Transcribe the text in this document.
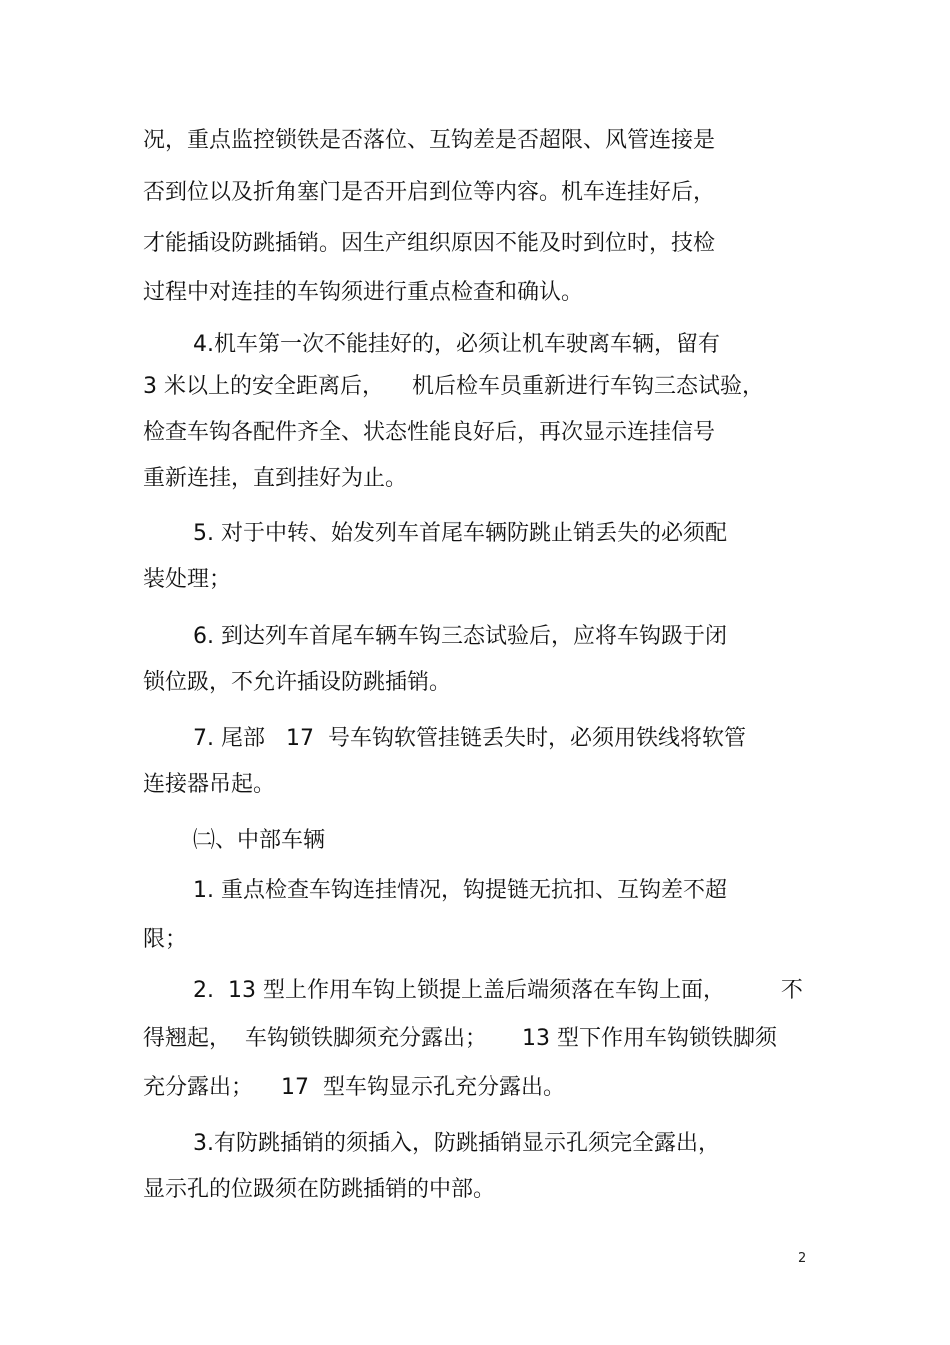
况，重点监控锁铁是否落位、互钩差是否超限、风管连接是
否到位以及折角塞门是否开启到位等内容。机车连挂好后，
才能插设防跳插销。因生产组织原因不能及时到位时，技检
过程中对连挂的车钩须进行重点检查和确认。
4.机车第一次不能挂好的，必须让机车驶离车辆，留有
3 米以上的安全距离后，    机后检车员重新进行车钩三态试验，
检查车钩各配件齐全、状态性能良好后，再次显示连挂信号
重新连挂，直到挂好为止。
5. 对于中转、始发列车首尾车辆防跳止销丢失的必须配
装处理；
6. 到达列车首尾车辆车钩三态试验后，应将车钩趿于闭
锁位趿，不允许插设防跳插销。
7. 尾部   17  号车钩软管挂链丢失时，必须用铁线将软管
连接器吊起。
㈡、中部车辆
1. 重点检查车钩连挂情况，钩提链无抗扣、互钩差不超
限；
2.  13 型上作用车钩上锁提上盖后端须落在车钩上面，        不
得翘起，  车钩锁铁脚须充分露出；     13 型下作用车钩锁铁脚须
充分露出；    17  型车钩显示孔充分露出。
3.有防跳插销的须插入，防跳插销显示孔须完全露出，
显示孔的位趿须在防跳插销的中部。
2
